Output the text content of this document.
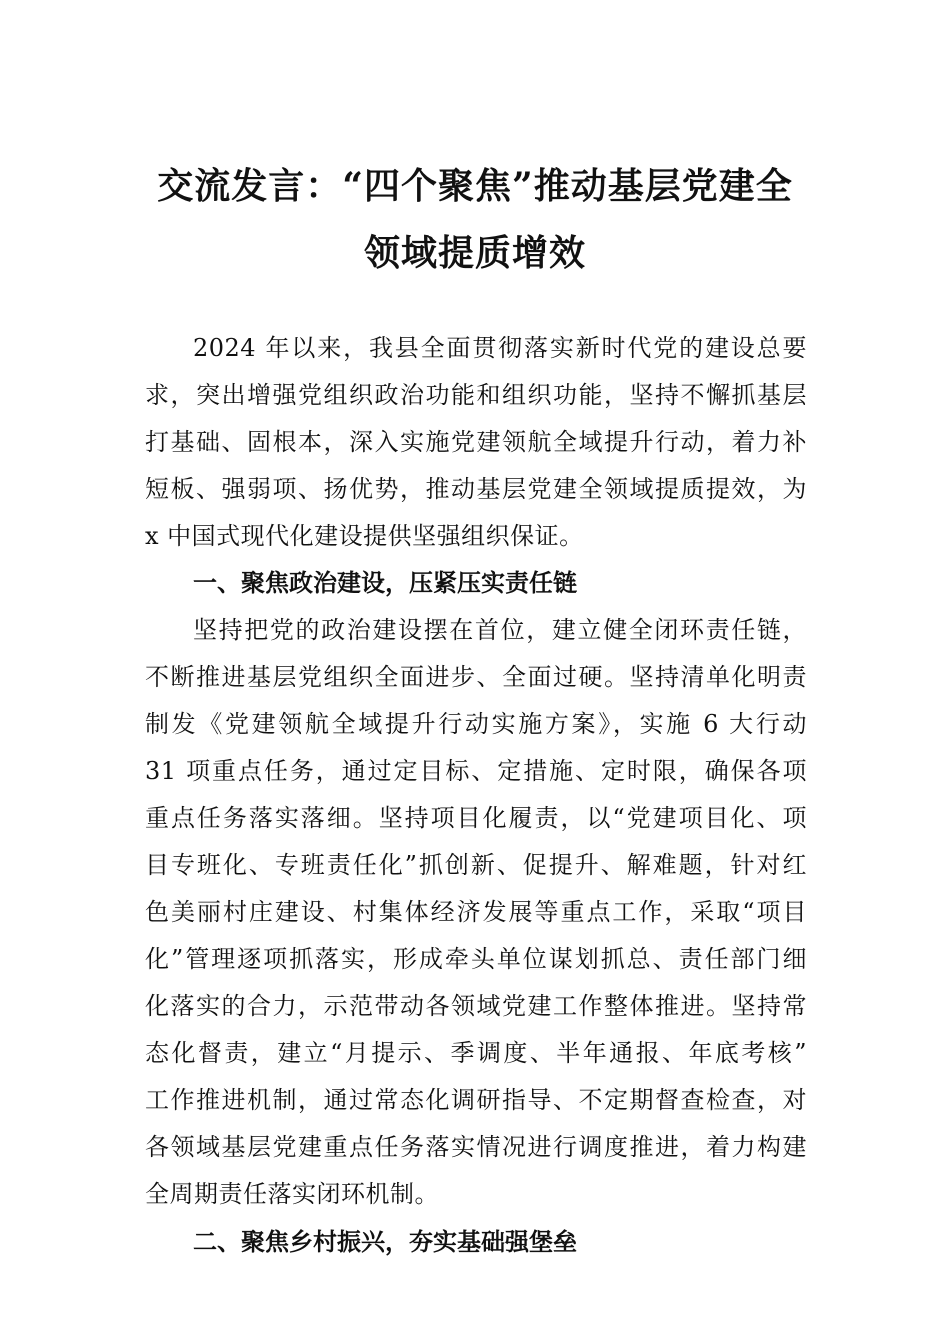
交流发言：“四个聚焦”推动基层党建全
领域提质增效
2024 年以来，我县全面贯彻落实新时代党的建设总要
求，突出增强党组织政治功能和组织功能，坚持不懈抓基层
打基础、固根本，深入实施党建领航全域提升行动，着力补
短板、强弱项、扬优势，推动基层党建全领域提质提效，为
x 中国式现代化建设提供坚强组织保证。
一、聚焦政治建设，压紧压实责任链
坚持把党的政治建设摆在首位，建立健全闭环责任链，
不断推进基层党组织全面进步、全面过硬。坚持清单化明责
制发《党建领航全域提升行动实施方案》，实施 6 大行动
31 项重点任务，通过定目标、定措施、定时限，确保各项
重点任务落实落细。坚持项目化履责，以“党建项目化、项
目专班化、专班责任化”抓创新、促提升、解难题，针对红
色美丽村庄建设、村集体经济发展等重点工作，采取“项目
化”管理逐项抓落实，形成牵头单位谋划抓总、责任部门细
化落实的合力，示范带动各领域党建工作整体推进。坚持常
态化督责，建立“月提示、季调度、半年通报、年底考核”
工作推进机制，通过常态化调研指导、不定期督查检查，对
各领域基层党建重点任务落实情况进行调度推进，着力构建
全周期责任落实闭环机制。
二、聚焦乡村振兴，夯实基础强堡垒
